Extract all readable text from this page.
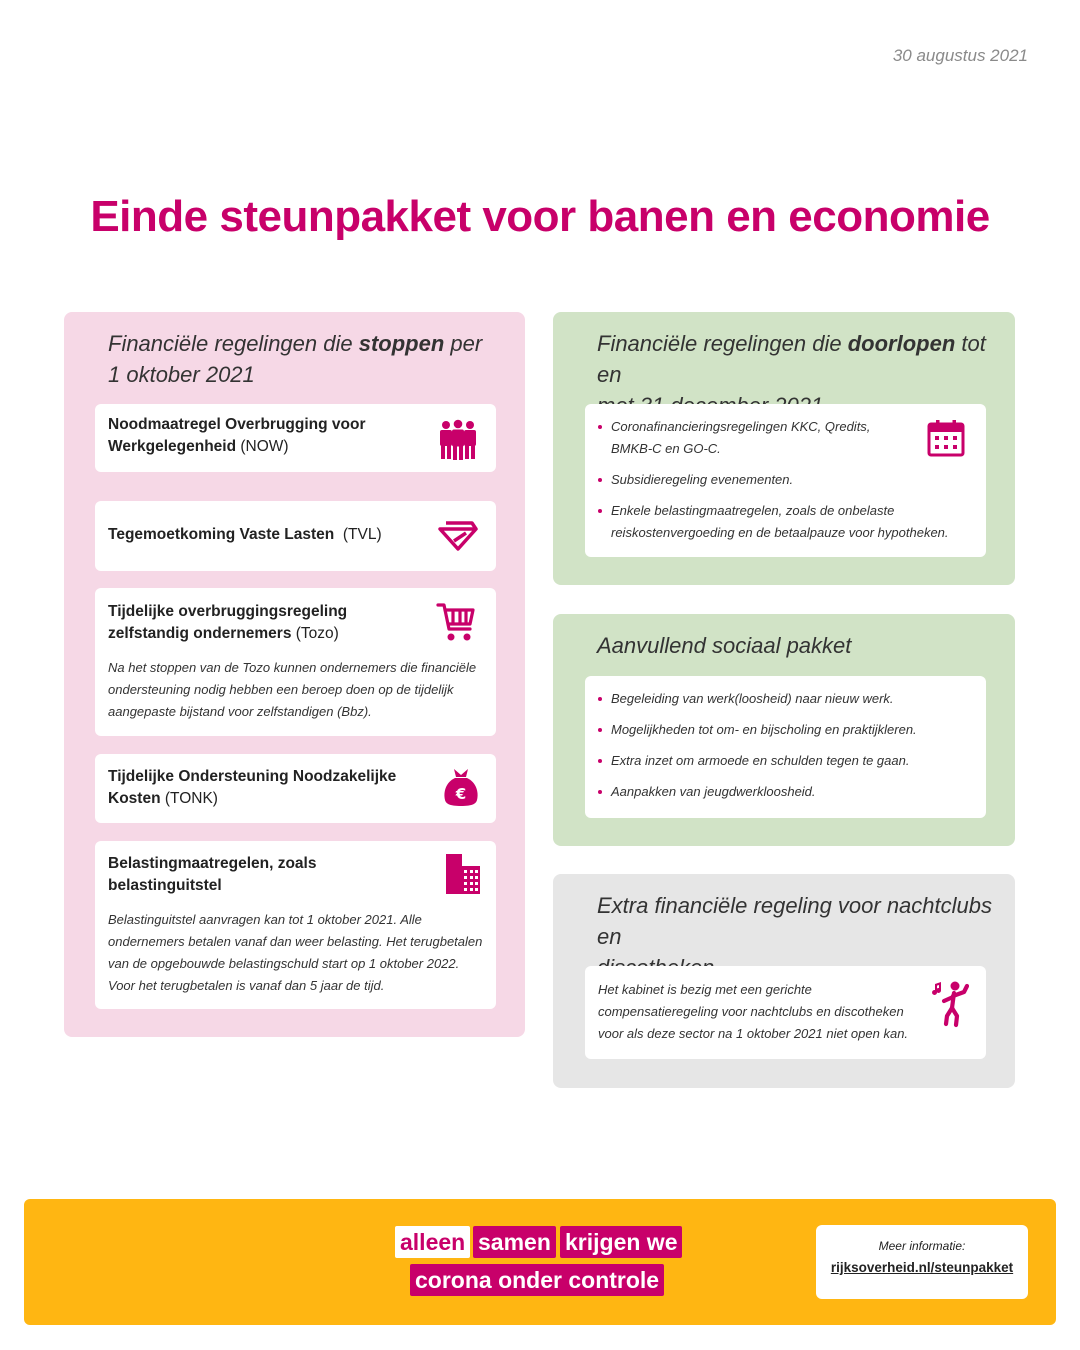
30 augustus 2021
Einde steunpakket voor banen en economie
Financiële regelingen die stoppen per
1 oktober 2021
Noodmaatregel Overbrugging voor
Werkgelegenheid (NOW)
Tegemoetkoming Vaste Lasten  (TVL)
Tijdelijke overbruggingsregeling
zelfstandig ondernemers (Tozo)
Na het stoppen van de Tozo kunnen ondernemers die financiële
ondersteuning nodig hebben een beroep doen op de tijdelijk
aangepaste bijstand voor zelfstandigen (Bbz).
Tijdelijke Ondersteuning Noodzakelijke
Kosten (TONK)	€
Belastingmaatregelen, zoals
belastinguitstel
Belastinguitstel aanvragen kan tot 1 oktober 2021. Alle
ondernemers betalen vanaf dan weer belasting. Het terugbetalen
van de opgebouwde belastingschuld start op 1 oktober 2022.
Voor het terugbetalen is vanaf dan 5 jaar de tijd.
Financiële regelingen die doorlopen tot en

Coronafinancieringsregelingen KKC, Qredits,
BMKB-C en GO-C.
Subsidieregeling evenementen.
Enkele belastingmaatregelen, zoals de onbelaste
reiskostenvergoeding en de betaalpauze voor hypotheken.
Aanvullend sociaal pakket
Begeleiding van werk(loosheid) naar nieuw werk.
Mogelijkheden tot om- en bijscholing en praktijkleren.
Extra inzet om armoede en schulden tegen te gaan.
Aanpakken van jeugdwerkloosheid.
Extra financiële regeling voor nachtclubs en

Het kabinet is bezig met een gerichte
compensatieregeling voor nachtclubs en discotheken
voor als deze sector na 1 oktober 2021 niet open kan.
alleen samen krijgen we
corona onder controle
Meer informatie:
rijksoverheid.nl/steunpakket
